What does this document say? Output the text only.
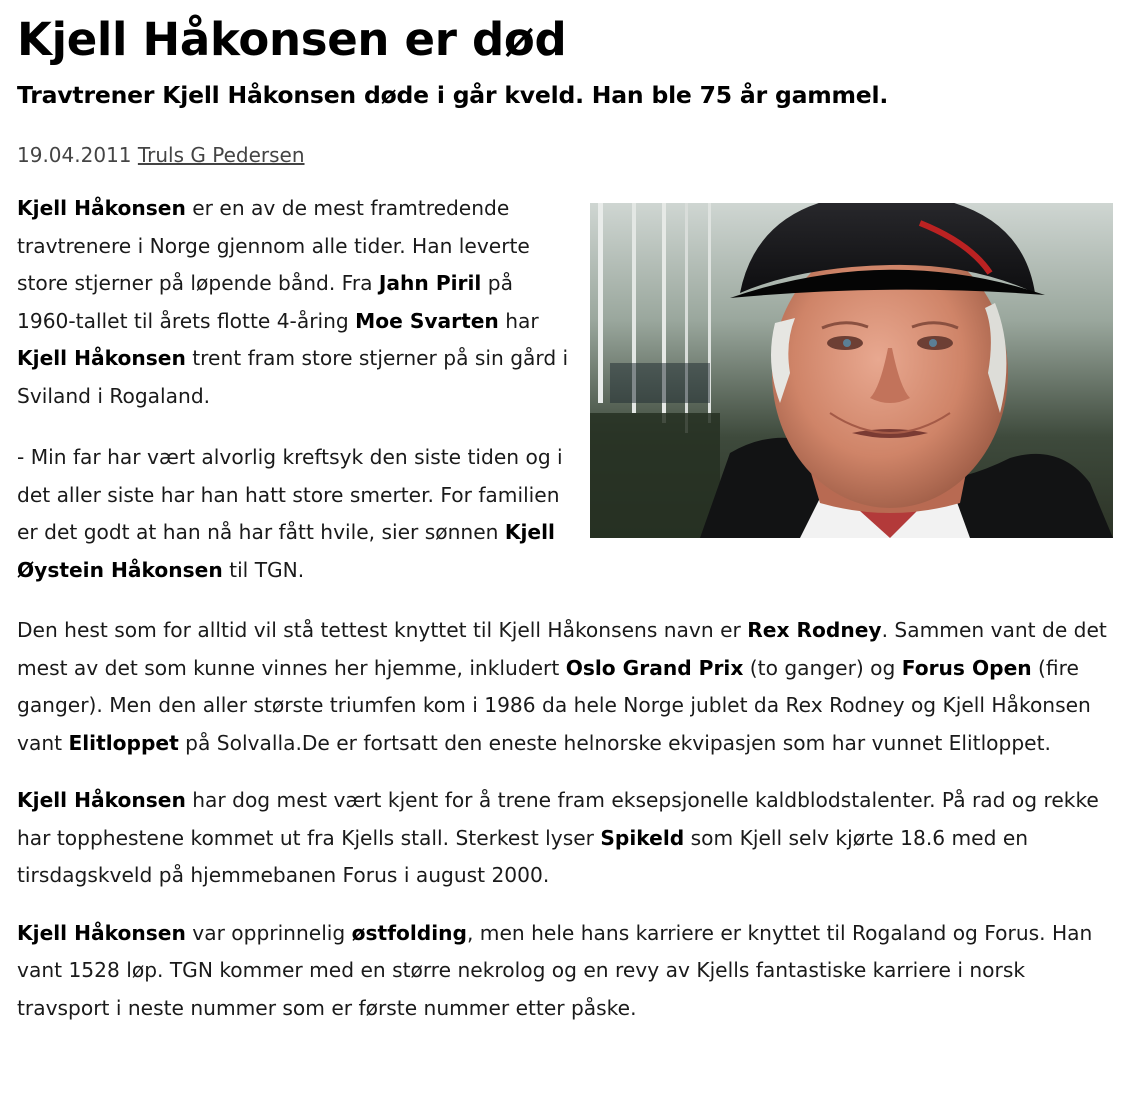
Kjell Håkonsen er død
Travtrener Kjell Håkonsen døde i går kveld. Han ble 75 år gammel.
19.04.2011 Truls G Pedersen

Kjell Håkonsen er en av de mest framtredende travtrenere i Norge gjennom alle tider. Han leverte store stjerner på løpende bånd. Fra Jahn Piril på 1960-tallet til årets flotte 4-åring Moe Svarten har Kjell Håkonsen trent fram store stjerner på sin gård i Sviland i Rogaland.

- Min far har vært alvorlig kreftsyk den siste tiden og i det aller siste har han hatt store smerter. For familien er det godt at han nå har fått hvile, sier sønnen Kjell Øystein Håkonsen til TGN.

Den hest som for alltid vil stå tettest knyttet til Kjell Håkonsens navn er Rex Rodney. Sammen vant de det mest av det som kunne vinnes her hjemme, inkludert Oslo Grand Prix (to ganger) og Forus Open (fire ganger). Men den aller største triumfen kom i 1986 da hele Norge jublet da Rex Rodney og Kjell Håkonsen vant Elitloppet på Solvalla.De er fortsatt den eneste helnorske ekvipasjen som har vunnet Elitloppet.

Kjell Håkonsen har dog mest vært kjent for å trene fram eksepsjonelle kaldblodstalenter. På rad og rekke har topphestene kommet ut fra Kjells stall. Sterkest lyser Spikeld som Kjell selv kjørte 18.6 med en tirsdagskveld på hjemmebanen Forus i august 2000.

Kjell Håkonsen var opprinnelig østfolding, men hele hans karriere er knyttet til Rogaland og Forus. Han vant 1528 løp. TGN kommer med en større nekrolog og en revy av Kjells fantastiske karriere i norsk travsport i neste nummer som er første nummer etter påske.
